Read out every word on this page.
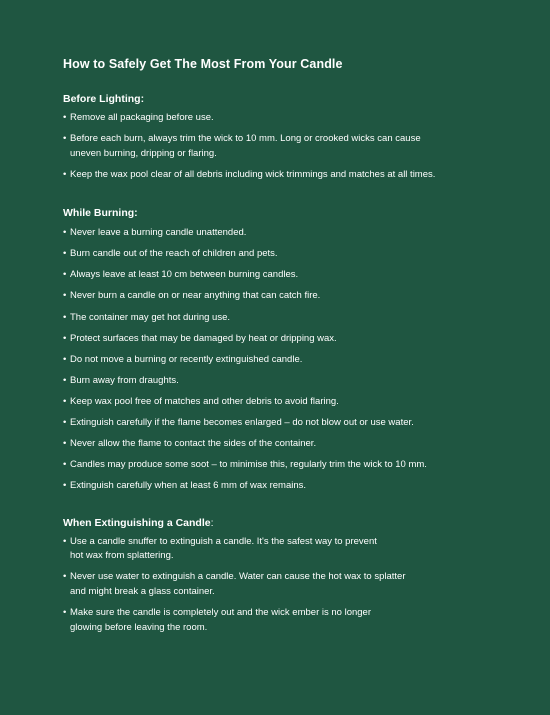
How to Safely Get The Most From Your Candle
Before Lighting:
• Remove all packaging before use.
• Before each burn, always trim the wick to 10 mm. Long or crooked wicks can cause
uneven burning, dripping or flaring.
• Keep the wax pool clear of all debris including wick trimmings and matches at all times.
While Burning:
• Never leave a burning candle unattended.
• Burn candle out of the reach of children and pets.
• Always leave at least 10 cm between burning candles.
• Never burn a candle on or near anything that can catch fire.
• The container may get hot during use.
• Protect surfaces that may be damaged by heat or dripping wax.
• Do not move a burning or recently extinguished candle.
• Burn away from draughts.
• Keep wax pool free of matches and other debris to avoid flaring.
• Extinguish carefully if the flame becomes enlarged – do not blow out or use water.
• Never allow the flame to contact the sides of the container.
• Candles may produce some soot – to minimise this, regularly trim the wick to 10 mm.
• Extinguish carefully when at least 6 mm of wax remains.
When Extinguishing a Candle:
• Use a candle snuffer to extinguish a candle. It's the safest way to prevent
hot wax from splattering.
• Never use water to extinguish a candle. Water can cause the hot wax to splatter
and might break a glass container.
• Make sure the candle is completely out and the wick ember is no longer
glowing before leaving the room.
